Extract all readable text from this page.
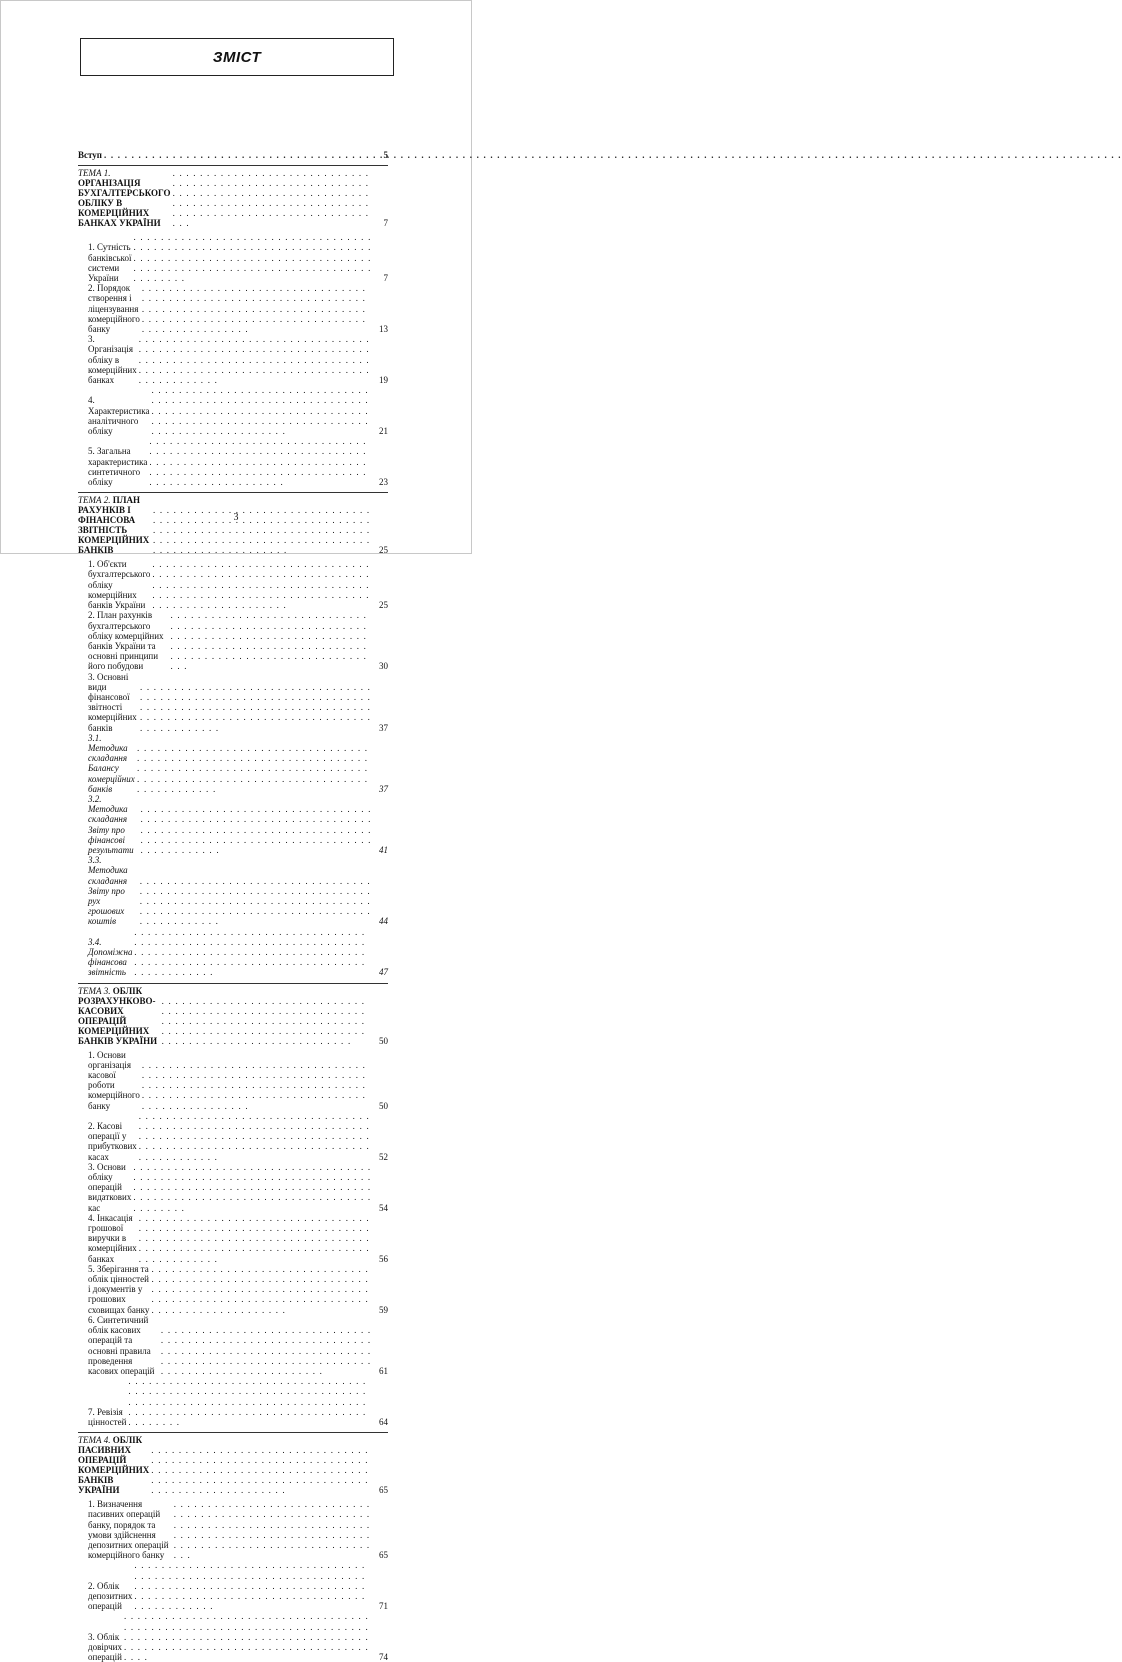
ЗМІСТ
Вступ . . .	5
ТЕМА 1. ОРГАНІЗАЦІЯ БУХГАЛТЕРСЬКОГО ОБЛІКУ В КОМЕРЦІЙНИХ БАНКАХ УКРАЇНИ . . .	7
1. Сутність банківської системи України . . .	7
2. Порядок створення і ліцензування комерційного банку . . .	13
3. Організація обліку в комерційних банках . . .	19
4. Характеристика аналітичного обліку . . .	21
5. Загальна характеристика синтетичного обліку . . .	23
ТЕМА 2. ПЛАН РАХУНКІВ І ФІНАНСОВА ЗВІТНІСТЬ КОМЕРЦІЙНИХ БАНКІВ . . .	25
1. Об'єкти бухгалтерського обліку комерційних банків України . . .	25
2. План рахунків бухгалтерського обліку комерційних банків України та основні принципи його побудови . . .	30
3. Основні види фінансової звітності комерційних банків . . .	37
3.1. Методика складання Балансу комерційних банків . . .	37
3.2. Методика складання Звіту про фінансові результати . . .	41
3.3. Методика складання Звіту про рух грошових коштів . . .	44
3.4. Допоміжна фінансова звітність . . .	47
ТЕМА 3. ОБЛІК РОЗРАХУНКОВО-КАСОВИХ ОПЕРАЦІЙ КОМЕРЦІЙНИХ БАНКІВ УКРАЇНИ . . .	50
1. Основи організація касової роботи комерційного банку . . .	50
2. Касові операції у прибуткових касах . . .	52
3. Основи обліку операцій видаткових кас . . .	54
4. Інкасація грошової виручки в комерційних банках . . .	56
5. Зберігання та облік цінностей і документів у грошових сховищах банку . . .	59
6. Синтетичний облік касових операцій та основні правила проведення касових операцій . . .	61
7. Ревізія цінностей . . .	64
ТЕМА 4. ОБЛІК ПАСИВНИХ ОПЕРАЦІЙ КОМЕРЦІЙНИХ БАНКІВ УКРАЇНИ . . .	65
1. Визначення пасивних операцій банку, порядок та умови здійснення депозитних операцій комерційного банку . . .	65
2. Облік депозитних операцій . . .	71
3. Облік довірчих операцій . . .	74
3
